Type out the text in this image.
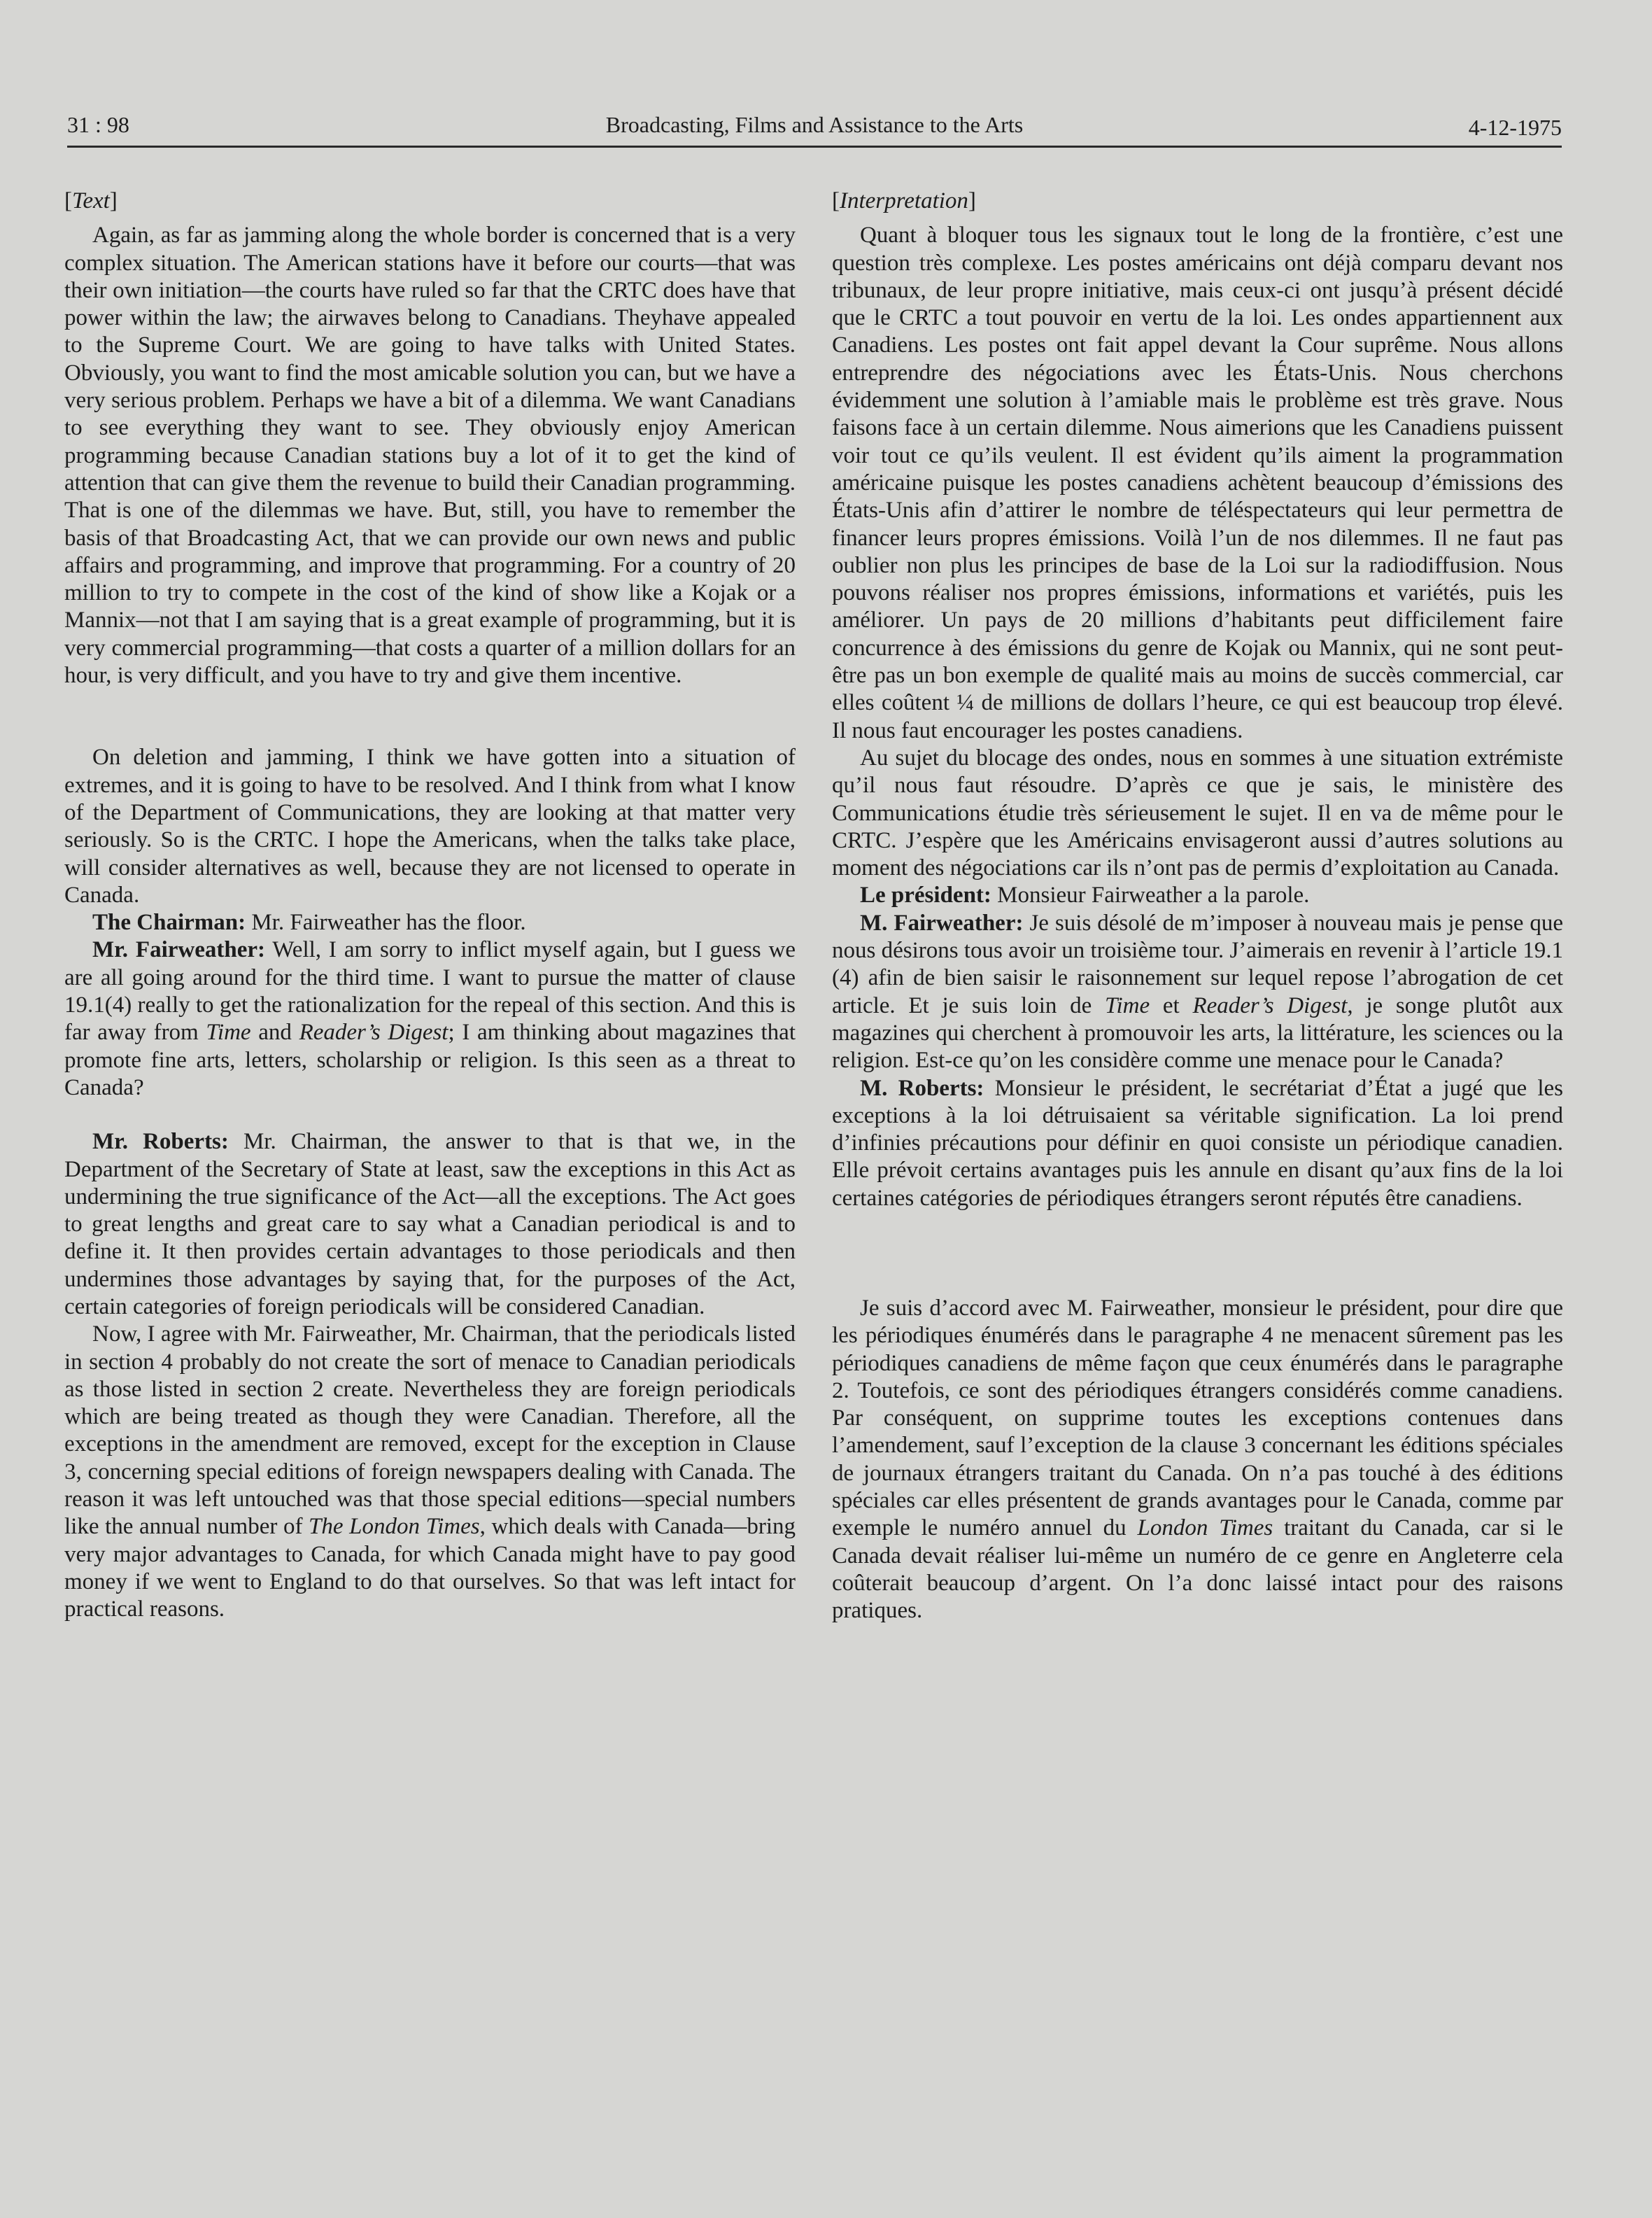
31 : 98	Broadcasting, Films and Assistance to the Arts	4-12-1975

[Text]

Again, as far as jamming along the whole border is concerned that is a very complex situation. The American stations have it before our courts—that was their own initiation—the courts have ruled so far that the CRTC does have that power within the law; the airwaves belong to Canadians. Theyhave appealed to the Supreme Court. We are going to have talks with United States. Obviously, you want to find the most amicable solution you can, but we have a very serious problem. Perhaps we have a bit of a dilemma. We want Canadians to see everything they want to see. They obviously enjoy American programming because Canadian stations buy a lot of it to get the kind of attention that can give them the revenue to build their Canadian programming. That is one of the dilemmas we have. But, still, you have to remember the basis of that Broadcasting Act, that we can provide our own news and public affairs and programming, and improve that programming. For a country of 20 million to try to compete in the cost of the kind of show like a Kojak or a Mannix—not that I am saying that is a great example of programming, but it is very commercial programming—that costs a quarter of a million dollars for an hour, is very difficult, and you have to try and give them incentive.

On deletion and jamming, I think we have gotten into a situation of extremes, and it is going to have to be resolved. And I think from what I know of the Department of Communications, they are looking at that matter very seriously. So is the CRTC. I hope the Americans, when the talks take place, will consider alternatives as well, because they are not licensed to operate in Canada.

The Chairman: Mr. Fairweather has the floor.

Mr. Fairweather: Well, I am sorry to inflict myself again, but I guess we are all going around for the third time. I want to pursue the matter of clause 19.1(4) really to get the rationalization for the repeal of this section. And this is far away from Time and Reader’s Digest; I am thinking about magazines that promote fine arts, letters, scholarship or religion. Is this seen as a threat to Canada?

Mr. Roberts: Mr. Chairman, the answer to that is that we, in the Department of the Secretary of State at least, saw the exceptions in this Act as undermining the true significance of the Act—all the exceptions. The Act goes to great lengths and great care to say what a Canadian periodical is and to define it. It then provides certain advantages to those periodicals and then undermines those advantages by saying that, for the purposes of the Act, certain categories of foreign periodicals will be considered Canadian.

Now, I agree with Mr. Fairweather, Mr. Chairman, that the periodicals listed in section 4 probably do not create the sort of menace to Canadian periodicals as those listed in section 2 create. Nevertheless they are foreign periodicals which are being treated as though they were Canadian. Therefore, all the exceptions in the amendment are removed, except for the exception in Clause 3, concerning special editions of foreign newspapers dealing with Canada. The reason it was left untouched was that those special editions—special numbers like the annual number of The London Times, which deals with Canada—bring very major advantages to Canada, for which Canada might have to pay good money if we went to England to do that ourselves. So that was left intact for practical reasons.

[Interpretation]

Quant à bloquer tous les signaux tout le long de la frontière, c’est une question très complexe. Les postes américains ont déjà comparu devant nos tribunaux, de leur propre initiative, mais ceux-ci ont jusqu’à présent décidé que le CRTC a tout pouvoir en vertu de la loi. Les ondes appartiennent aux Canadiens. Les postes ont fait appel devant la Cour suprême. Nous allons entreprendre des négociations avec les États-Unis. Nous cherchons évidemment une solution à l’amiable mais le problème est très grave. Nous faisons face à un certain dilemme. Nous aimerions que les Canadiens puissent voir tout ce qu’ils veulent. Il est évident qu’ils aiment la programmation américaine puisque les postes canadiens achètent beaucoup d’émissions des États-Unis afin d’attirer le nombre de téléspectateurs qui leur permettra de financer leurs propres émissions. Voilà l’un de nos dilemmes. Il ne faut pas oublier non plus les principes de base de la Loi sur la radiodiffusion. Nous pouvons réaliser nos propres émissions, informations et variétés, puis les améliorer. Un pays de 20 millions d’habitants peut difficilement faire concurrence à des émissions du genre de Kojak ou Mannix, qui ne sont peut-être pas un bon exemple de qualité mais au moins de succès commercial, car elles coûtent ¼ de millions de dollars l’heure, ce qui est beaucoup trop élevé. Il nous faut encourager les postes canadiens.

Au sujet du blocage des ondes, nous en sommes à une situation extrémiste qu’il nous faut résoudre. D’après ce que je sais, le ministère des Communications étudie très sérieusement le sujet. Il en va de même pour le CRTC. J’espère que les Américains envisageront aussi d’autres solutions au moment des négociations car ils n’ont pas de permis d’exploitation au Canada.

Le président: Monsieur Fairweather a la parole.

M. Fairweather: Je suis désolé de m’imposer à nouveau mais je pense que nous désirons tous avoir un troisième tour. J’aimerais en revenir à l’article 19.1 (4) afin de bien saisir le raisonnement sur lequel repose l’abrogation de cet article. Et je suis loin de Time et Reader’s Digest, je songe plutôt aux magazines qui cherchent à promouvoir les arts, la littérature, les sciences ou la religion. Est-ce qu’on les considère comme une menace pour le Canada?

M. Roberts: Monsieur le président, le secrétariat d’État a jugé que les exceptions à la loi détruisaient sa véritable signification. La loi prend d’infinies précautions pour définir en quoi consiste un périodique canadien. Elle prévoit certains avantages puis les annule en disant qu’aux fins de la loi certaines catégories de périodiques étrangers seront réputés être canadiens.

Je suis d’accord avec M. Fairweather, monsieur le président, pour dire que les périodiques énumérés dans le paragraphe 4 ne menacent sûrement pas les périodiques canadiens de même façon que ceux énumérés dans le paragraphe 2. Toutefois, ce sont des périodiques étrangers considérés comme canadiens. Par conséquent, on supprime toutes les exceptions contenues dans l’amendement, sauf l’exception de la clause 3 concernant les éditions spéciales de journaux étrangers traitant du Canada. On n’a pas touché à des éditions spéciales car elles présentent de grands avantages pour le Canada, comme par exemple le numéro annuel du London Times traitant du Canada, car si le Canada devait réaliser lui-même un numéro de ce genre en Angleterre cela coûterait beaucoup d’argent. On l’a donc laissé intact pour des raisons pratiques.
